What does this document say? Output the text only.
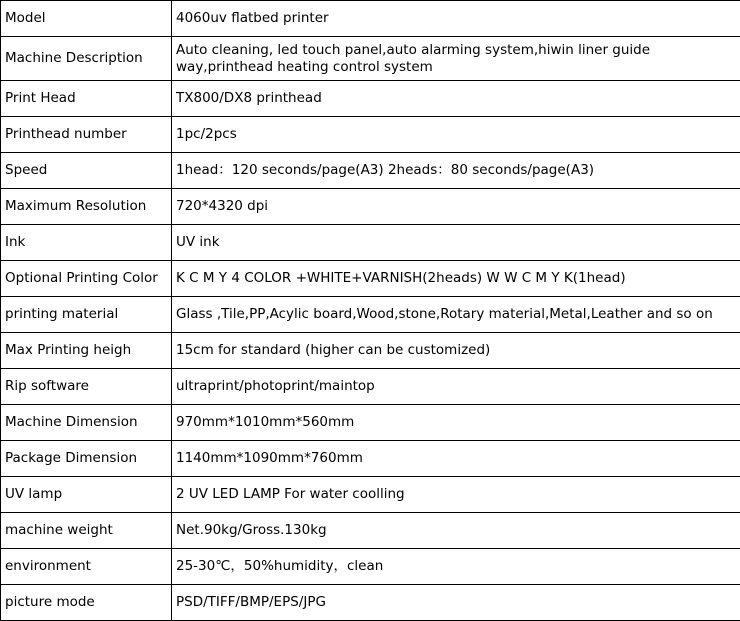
Model	4060uv flatbed printer
Machine Description	Auto cleaning, led touch panel,auto alarming system,hiwin liner guide way,printhead heating control system
Print Head	TX800/DX8 printhead
Printhead number	1pc/2pcs
Speed	1head：120 seconds/page(A3) 2heads：80 seconds/page(A3)
Maximum Resolution	720*4320 dpi
Ink	UV ink
Optional Printing Color	K C M Y 4 COLOR +WHITE+VARNISH(2heads) W W C M Y K(1head)
printing material	Glass ,Tile,PP,Acylic board,Wood,stone,Rotary material,Metal,Leather and so on
Max Printing heigh	15cm for standard (higher can be customized)
Rip software	ultraprint/photoprint/maintop
Machine Dimension	970mm*1010mm*560mm
Package Dimension	1140mm*1090mm*760mm
UV lamp	2 UV LED LAMP For water coolling
machine weight	Net.90kg/Gross.130kg
environment	25-30℃，50%humidity，clean
picture mode	PSD/TIFF/BMP/EPS/JPG
